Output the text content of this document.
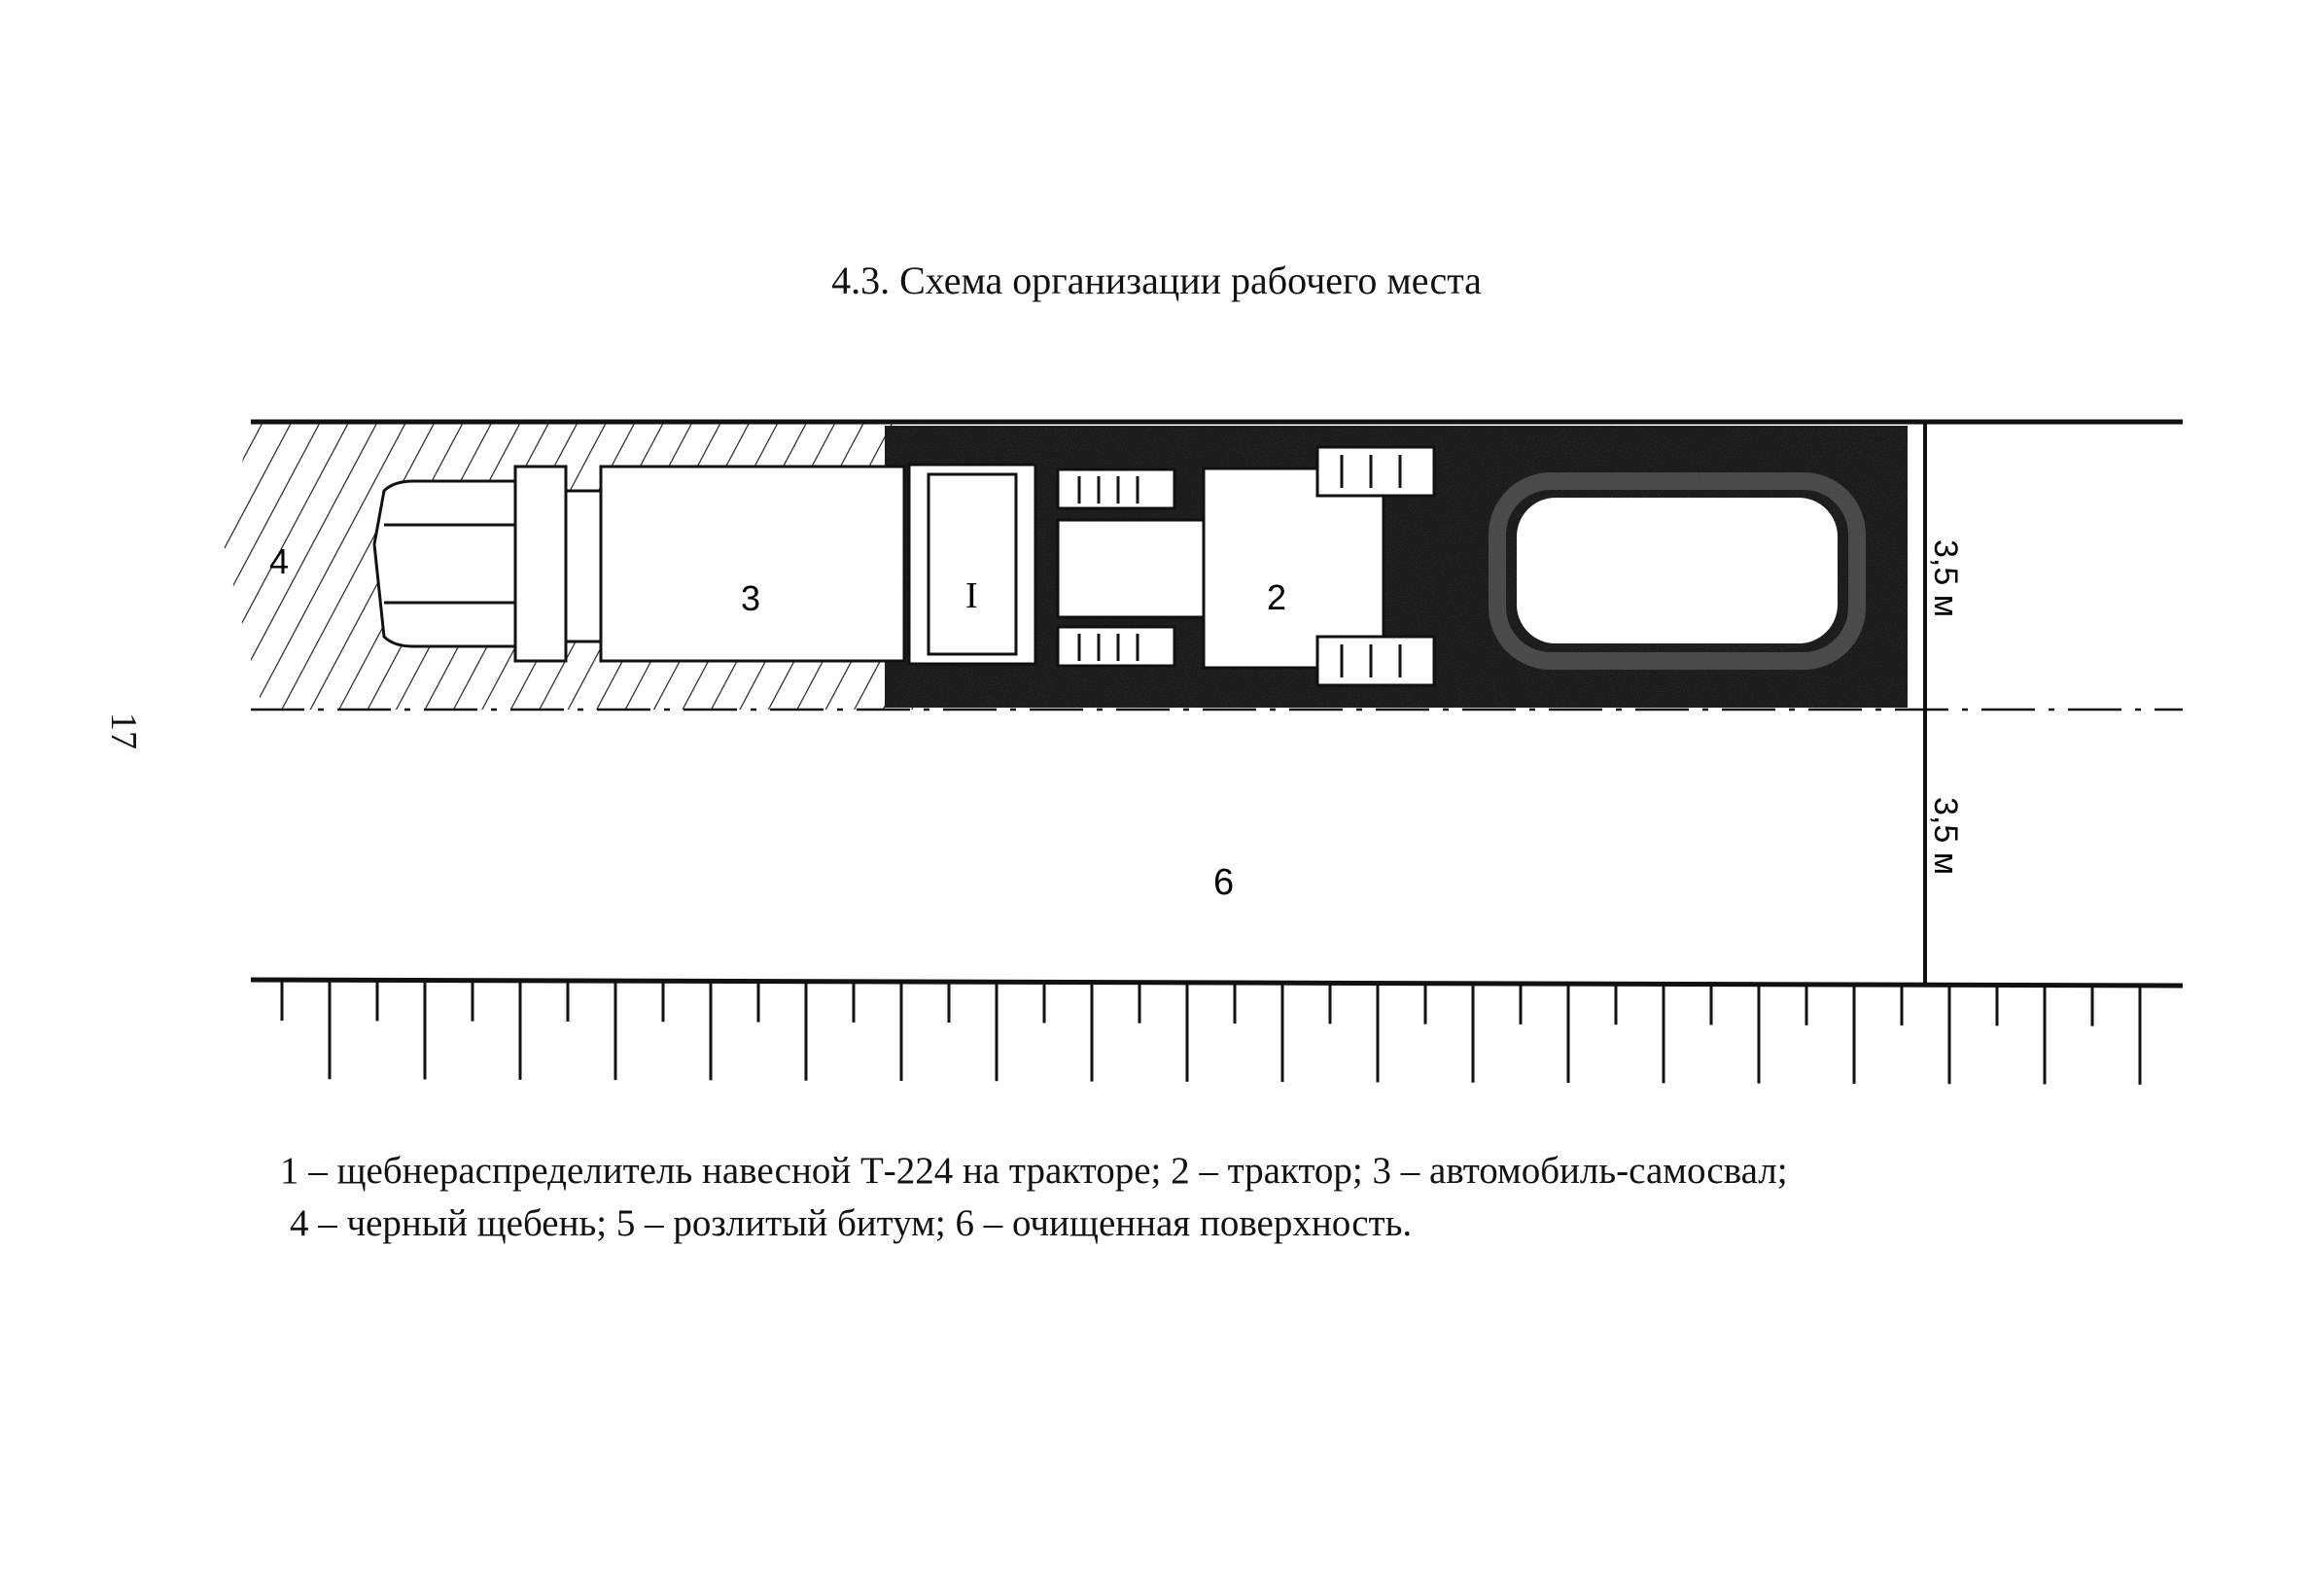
4.3. Схема организации рабочего места
17
4
3	I	2
6
3,5 м
3,5 м
1 – щебнераспределитель навесной Т-224 на тракторе; 2 – трактор; 3 – автомобиль-самосвал;
4 – черный щебень; 5 – розлитый битум; 6 – очищенная поверхность.
